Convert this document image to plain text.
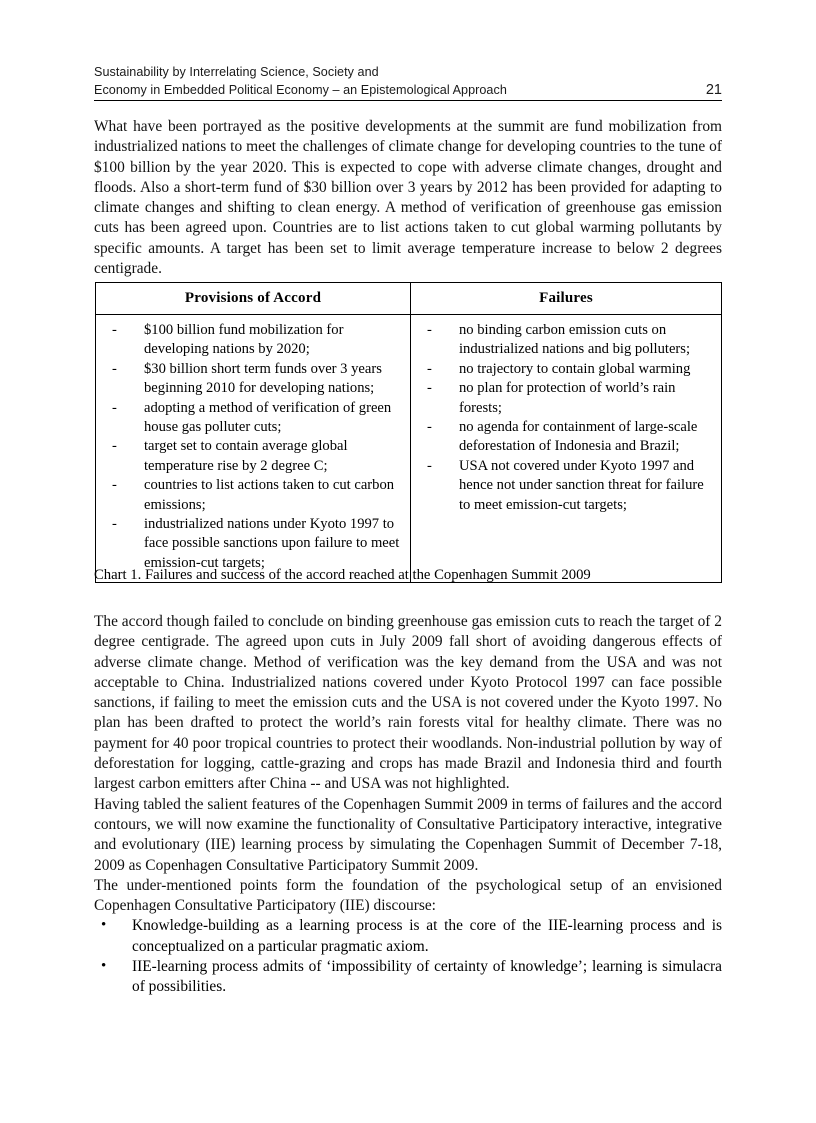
Sustainability by Interrelating Science, Society and
Economy in Embedded Political Economy – an Epistemological Approach	21

What have been portrayed as the positive developments at the summit are fund mobilization from industrialized nations to meet the challenges of climate change for developing countries to the tune of $100 billion by the year 2020. This is expected to cope with adverse climate changes, drought and floods. Also a short-term fund of $30 billion over 3 years by 2012 has been provided for adapting to climate changes and shifting to clean energy. A method of verification of greenhouse gas emission cuts has been agreed upon. Countries are to list actions taken to cut global warming pollutants by specific amounts. A target has been set to limit average temperature increase to below 2 degrees centigrade.

Provisions of Accord	Failures

- $100 billion fund mobilization for developing nations by 2020;
- $30 billion short term funds over 3 years beginning 2010 for developing nations;
- adopting a method of verification of green house gas polluter cuts;
- target set to contain average global temperature rise by 2 degree C;
- countries to list actions taken to cut carbon emissions;
- industrialized nations under Kyoto 1997 to face possible sanctions upon failure to meet emission-cut targets;

- no binding carbon emission cuts on industrialized nations and big polluters;
- no trajectory to contain global warming
- no plan for protection of world’s rain forests;
- no agenda for containment of large-scale deforestation of Indonesia and Brazil;
- USA not covered under Kyoto 1997 and hence not under sanction threat for failure to meet emission-cut targets;
Chart 1. Failures and success of the accord reached at the Copenhagen Summit 2009

The accord though failed to conclude on binding greenhouse gas emission cuts to reach the target of 2 degree centigrade. The agreed upon cuts in July 2009 fall short of avoiding dangerous effects of adverse climate change. Method of verification was the key demand from the USA and was not acceptable to China. Industrialized nations covered under Kyoto Protocol 1997 can face possible sanctions, if failing to meet the emission cuts and the USA is not covered under the Kyoto 1997. No plan has been drafted to protect the world’s rain forests vital for healthy climate. There was no payment for 40 poor tropical countries to protect their woodlands. Non-industrial pollution by way of deforestation for logging, cattle-grazing and crops has made Brazil and Indonesia third and fourth largest carbon emitters after China -- and USA was not highlighted.

Having tabled the salient features of the Copenhagen Summit 2009 in terms of failures and the accord contours, we will now examine the functionality of Consultative Participatory interactive, integrative and evolutionary (IIE) learning process by simulating the Copenhagen Summit of December 7-18, 2009 as Copenhagen Consultative Participatory Summit 2009.

The under-mentioned points form the foundation of the psychological setup of an envisioned Copenhagen Consultative Participatory (IIE) discourse:

• Knowledge-building as a learning process is at the core of the IIE-learning process and is conceptualized on a particular pragmatic axiom.
• IIE-learning process admits of ‘impossibility of certainty of knowledge’; learning is simulacra of possibilities.
